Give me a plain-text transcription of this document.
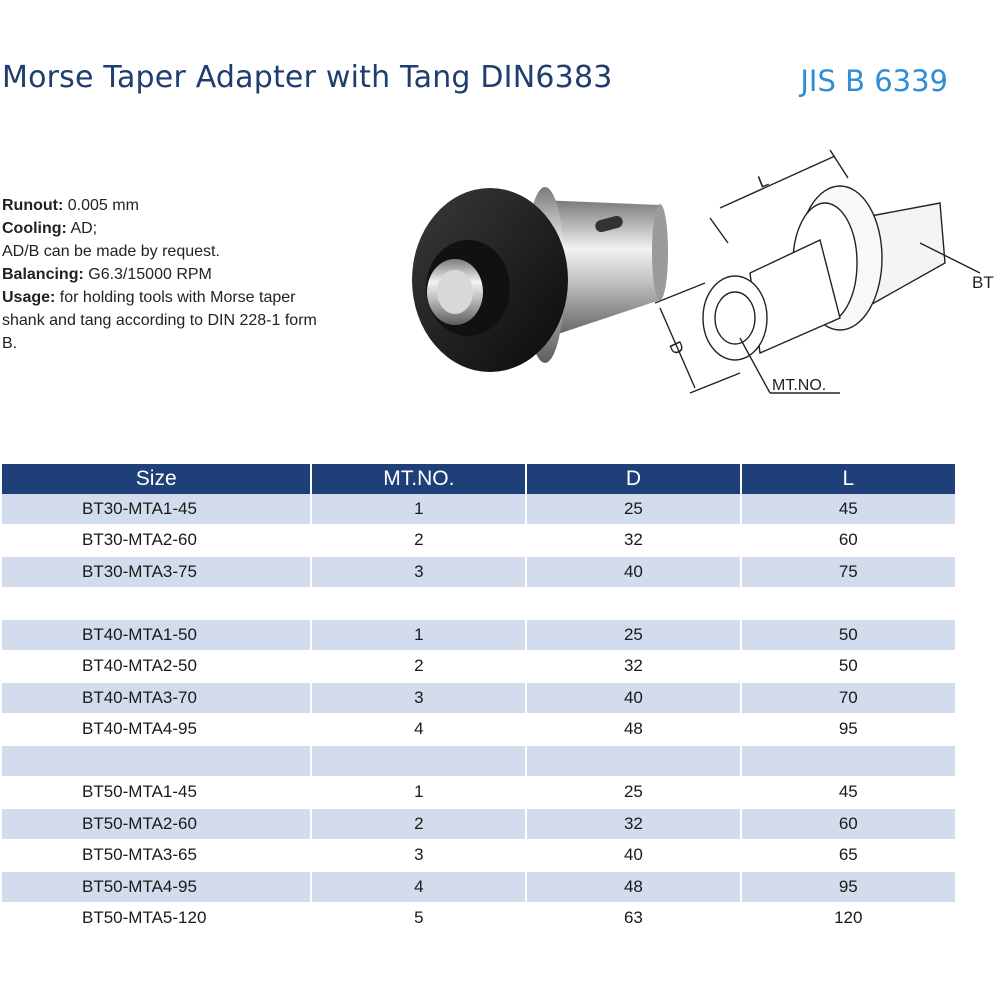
Morse Taper Adapter with Tang DIN6383	JIS B 6339
Runout: 0.005 mm
Cooling: AD;
AD/B can be made by request.
Balancing: G6.3/15000 RPM
Usage: for holding tools with Morse taper shank and tang according to DIN 228-1 form B.
L
D
BT
MT.NO.
Size	MT.NO.	D	L
BT30-MTA1-45	1	25	45
BT30-MTA2-60	2	32	60
BT30-MTA3-75	3	40	75

BT40-MTA1-50	1	25	50
BT40-MTA2-50	2	32	50
BT40-MTA3-70	3	40	70
BT40-MTA4-95	4	48	95

BT50-MTA1-45	1	25	45
BT50-MTA2-60	2	32	60
BT50-MTA3-65	3	40	65
BT50-MTA4-95	4	48	95
BT50-MTA5-120	5	63	120
